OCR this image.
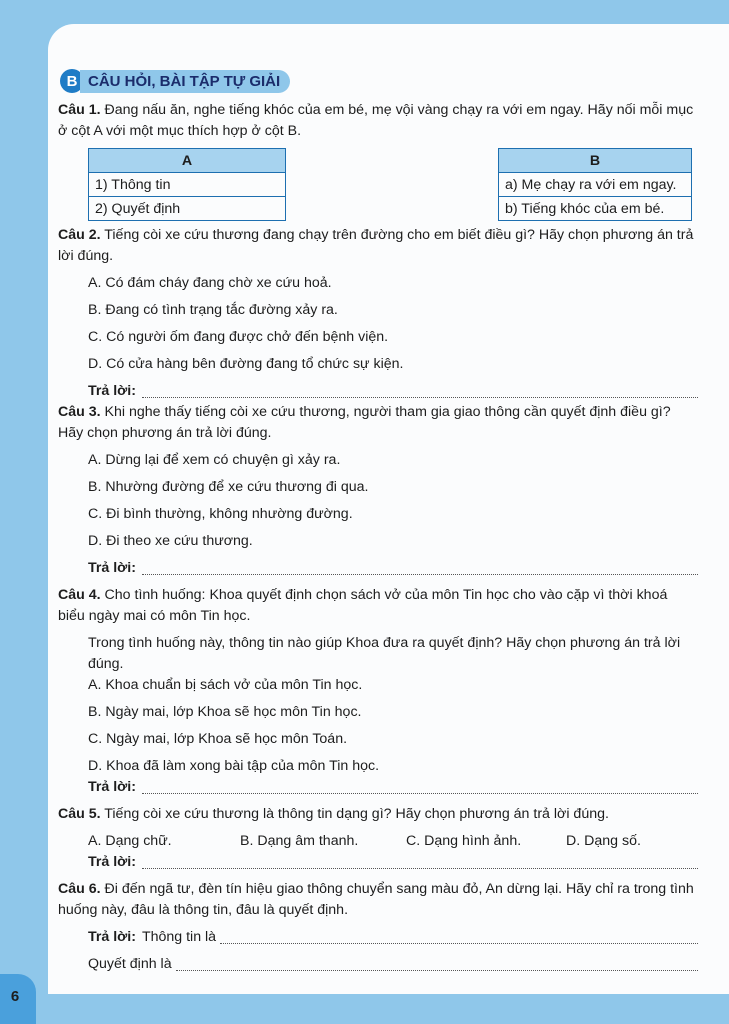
6
B CÂU HỎI, BÀI TẬP TỰ GIẢI
Câu 1. Đang nấu ăn, nghe tiếng khóc của em bé, mẹ vội vàng chạy ra với em ngay. Hãy nối mỗi mục ở cột A với một mục thích hợp ở cột B.
A
1) Thông tin
2) Quyết định
B
a) Mẹ chạy ra với em ngay.
b) Tiếng khóc của em bé.
Câu 2. Tiếng còi xe cứu thương đang chạy trên đường cho em biết điều gì? Hãy chọn phương án trả lời đúng.
A. Có đám cháy đang chờ xe cứu hoả.
B. Đang có tình trạng tắc đường xảy ra.
C. Có người ốm đang được chở đến bệnh viện.
D. Có cửa hàng bên đường đang tổ chức sự kiện.
Trả lời:
Câu 3. Khi nghe thấy tiếng còi xe cứu thương, người tham gia giao thông cần quyết định điều gì? Hãy chọn phương án trả lời đúng.
A. Dừng lại để xem có chuyện gì xảy ra.
B. Nhường đường để xe cứu thương đi qua.
C. Đi bình thường, không nhường đường.
D. Đi theo xe cứu thương.
Trả lời:
Câu 4. Cho tình huống: Khoa quyết định chọn sách vở của môn Tin học cho vào cặp vì thời khoá biểu ngày mai có môn Tin học.
Trong tình huống này, thông tin nào giúp Khoa đưa ra quyết định? Hãy chọn phương án trả lời đúng.
A. Khoa chuẩn bị sách vở của môn Tin học.
B. Ngày mai, lớp Khoa sẽ học môn Tin học.
C. Ngày mai, lớp Khoa sẽ học môn Toán.
D. Khoa đã làm xong bài tập của môn Tin học.
Trả lời:
Câu 5. Tiếng còi xe cứu thương là thông tin dạng gì? Hãy chọn phương án trả lời đúng.
A. Dạng chữ.	B. Dạng âm thanh.	C. Dạng hình ảnh.	D. Dạng số.
Trả lời:
Câu 6. Đi đến ngã tư, đèn tín hiệu giao thông chuyển sang màu đỏ, An dừng lại. Hãy chỉ ra trong tình huống này, đâu là thông tin, đâu là quyết định.
Trả lời: Thông tin là
Quyết định là
